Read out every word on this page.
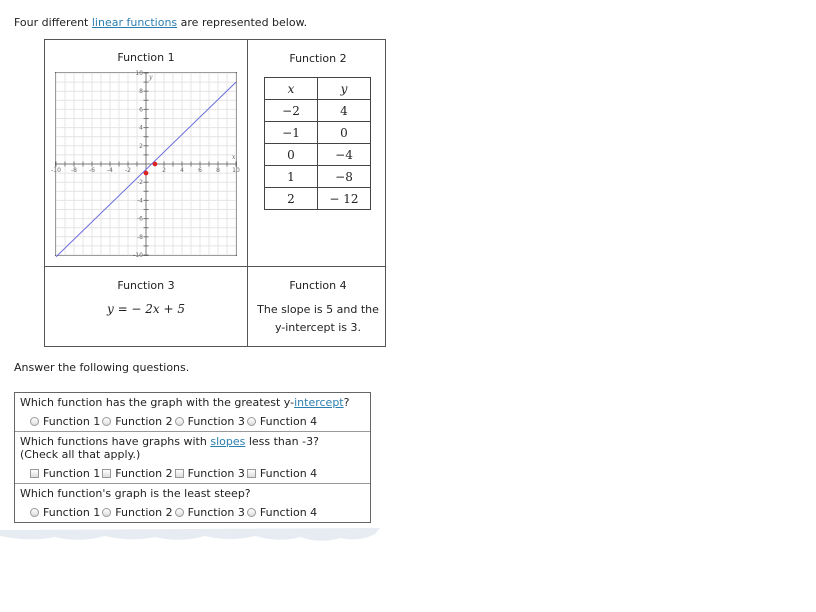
Four different linear functions are represented below.
Function 1
-10 -8 -6 -4 -2	2 4 6 8 10
10
8
6
4
2
-2
-4
-6
-8
-10
x
y
Function 2
x	y
−2	4
−1	0
0	−4
1	−8
2	− 12
Function 3
y = − 2x + 5
Function 4
The slope is 5 and the
y-intercept is 3.
Answer the following questions.
Which function has the graph with the greatest y-intercept?
Function 1 Function 2 Function 3 Function 4
Which functions have graphs with slopes less than -3?
(Check all that apply.)
Function 1 Function 2 Function 3 Function 4
Which function's graph is the least steep?
Function 1 Function 2 Function 3 Function 4
